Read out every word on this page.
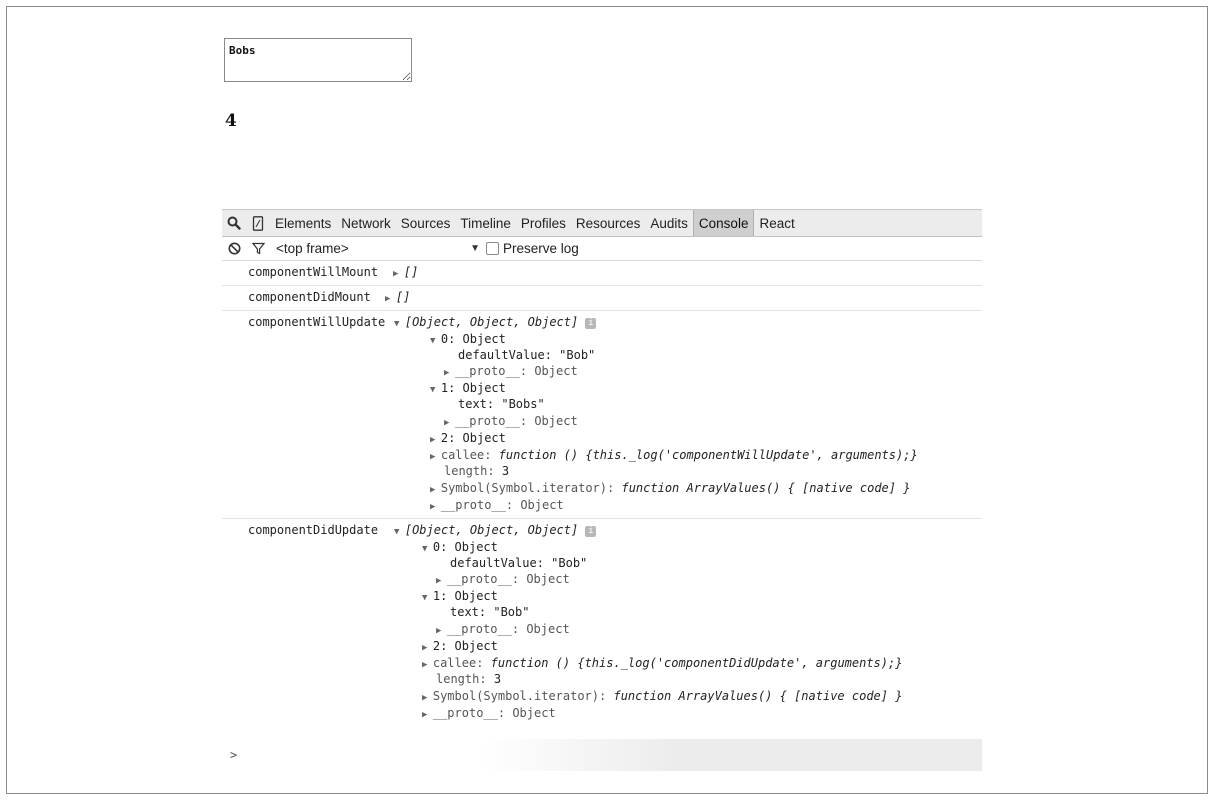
Bobs
4
Elements Network Sources Timeline Profiles Resources Audits Console React
<top frame>	▼ Preserve log
componentWillMount ▶ []
componentDidMount ▶ []
componentWillUpdate ▼ [Object, Object, Object] i
▼ 0: Object
defaultValue: "Bob"
▶ __proto__: Object
▼ 1: Object
text: "Bobs"
▶ __proto__: Object
▶ 2: Object
▶ callee: function () {this._log('componentWillUpdate', arguments);}
length: 3
▶ Symbol(Symbol.iterator): function ArrayValues() { [native code] }
▶ __proto__: Object
componentDidUpdate ▼ [Object, Object, Object] i
▼ 0: Object
defaultValue: "Bob"
▶ __proto__: Object
▼ 1: Object
text: "Bob"
▶ __proto__: Object
▶ 2: Object
▶ callee: function () {this._log('componentDidUpdate', arguments);}
length: 3
▶ Symbol(Symbol.iterator): function ArrayValues() { [native code] }
▶ __proto__: Object
>
